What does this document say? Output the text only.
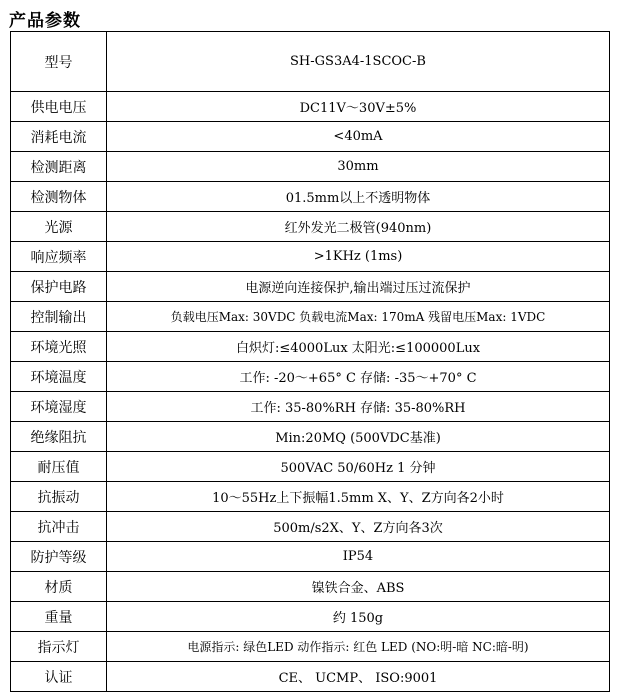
产品参数
型号	SH-GS3A4-1SCOC-B
供电电压	DC11V〜30V±5%
消耗电流	<40mA
检测距离	30mm
检测物体	01.5mm以上不透明物体
光源	红外发光二极管(940nm)
响应频率	>1KHz (1ms)
保护电路	电源逆向连接保护,输出端过压过流保护
控制输出	负载电压Max: 30VDC 负载电流Max: 170mA 残留电压Max: 1VDC
环境光照	白炽灯:≤4000Lux 太阳光:≤100000Lux
环境温度	工作: -20〜+65° C 存储: -35〜+70° C
环境湿度	工作: 35-80%RH 存储: 35-80%RH
绝缘阻抗	Min:20MQ (500VDC基准)
耐压值	500VAC 50/60Hz 1 分钟
抗振动	10〜55Hz上下振幅1.5mm X、Y、Z方向各2小时
抗冲击	500m/s2X、Y、Z方向各3次
防护等级	IP54
材质	镍铁合金、ABS
重量	约 150g
指示灯	电源指示: 绿色LED 动作指示: 红色 LED (NO:明-暗 NC:暗-明)
认证	CE、 UCMP、 ISO:9001
